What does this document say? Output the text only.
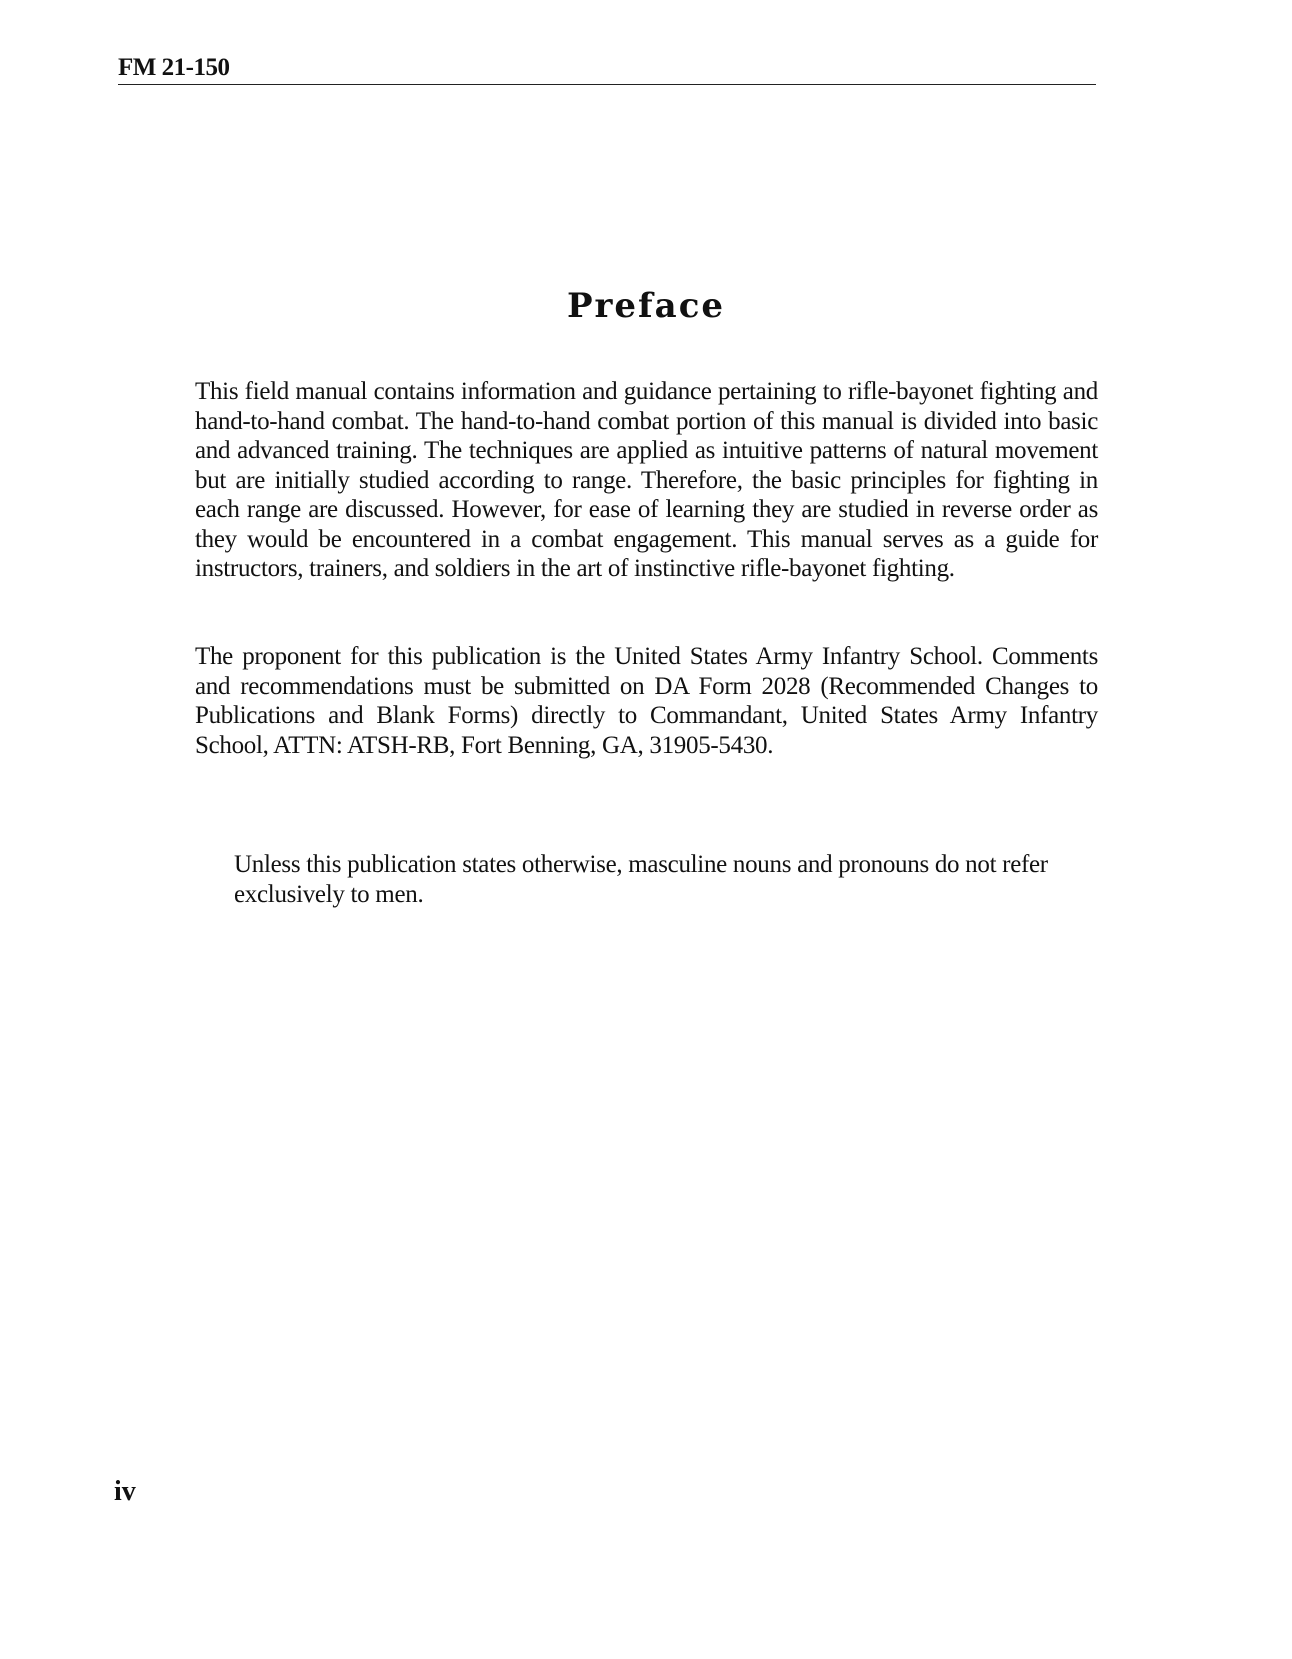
FM 21-150
Preface

This field manual contains information and guidance pertaining to rifle-bayonet fighting and hand-to-hand combat. The hand-to-hand combat portion of this manual is divided into basic and advanced training. The techniques are applied as intuitive patterns of natural movement but are initially studied according to range. Therefore, the basic principles for fighting in each range are discussed. However, for ease of learning they are studied in reverse order as they would be encountered in a combat engagement. This manual serves as a guide for instructors, trainers, and soldiers in the art of instinctive rifle-bayonet fighting.

The proponent for this publication is the United States Army Infantry School. Comments and recommendations must be submitted on DA Form 2028 (Recommended Changes to Publications and Blank Forms) directly to Commandant, United States Army Infantry School, ATTN: ATSH-RB, Fort Benning, GA, 31905-5430.

Unless this publication states otherwise, masculine nouns and pronouns do not refer exclusively to men.

iv
